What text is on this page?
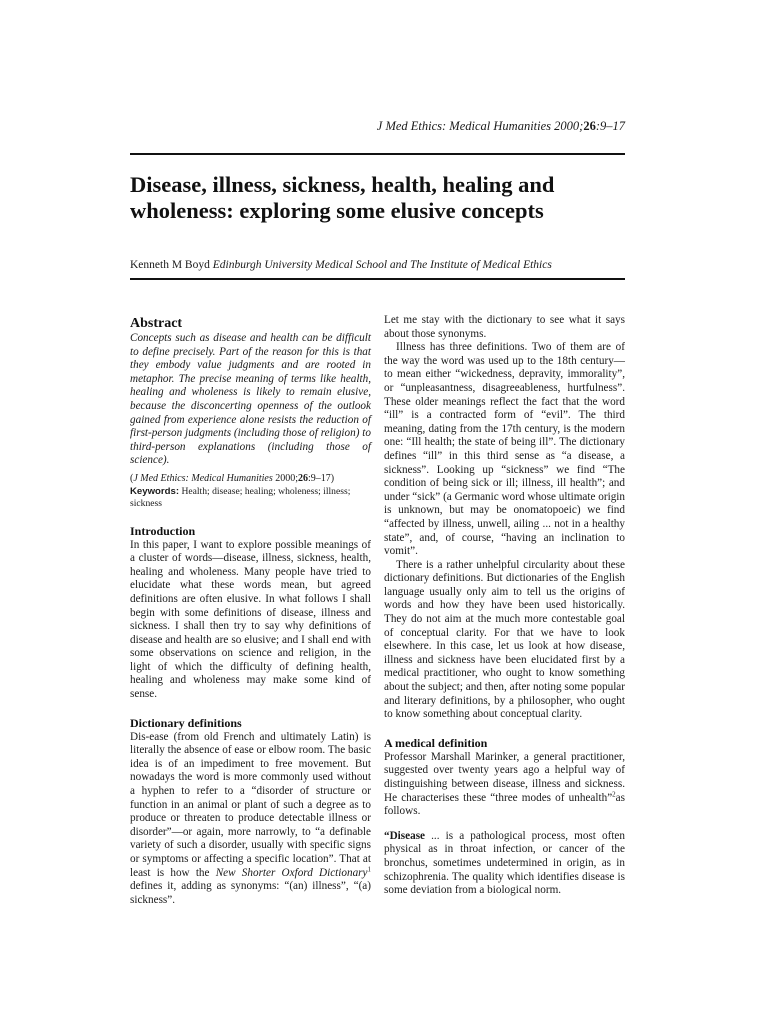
J Med Ethics: Medical Humanities 2000;26:9–17
Disease, illness, sickness, health, healing and wholeness: exploring some elusive concepts
Kenneth M Boyd Edinburgh University Medical School and The Institute of Medical Ethics
Abstract

Concepts such as disease and health can be difficult to define precisely. Part of the reason for this is that they embody value judgments and are rooted in metaphor. The precise meaning of terms like health, healing and wholeness is likely to remain elusive, because the disconcerting openness of the outlook gained from experience alone resists the reduction of first-person judgments (including those of religion) to third-person explanations (including those of science).

(J Med Ethics: Medical Humanities 2000;26:9–17)

Keywords: Health; disease; healing; wholeness; illness; sickness

Introduction

In this paper, I want to explore possible meanings of a cluster of words—disease, illness, sickness, health, healing and wholeness. Many people have tried to elucidate what these words mean, but agreed definitions are often elusive. In what follows I shall begin with some definitions of disease, illness and sickness. I shall then try to say why definitions of disease and health are so elusive; and I shall end with some observations on science and religion, in the light of which the difficulty of defining health, healing and wholeness may make some kind of sense.

Dictionary definitions

Dis-ease (from old French and ultimately Latin) is literally the absence of ease or elbow room. The basic idea is of an impediment to free movement. But nowadays the word is more commonly used without a hyphen to refer to a “disorder of structure or function in an animal or plant of such a degree as to produce or threaten to produce detectable illness or disorder”—or again, more narrowly, to “a definable variety of such a disorder, usually with specific signs or symptoms or affecting a specific location”. That at least is how the New Shorter Oxford Dictionary$^1$ defines it, adding as synonyms: “(an) illness”, “(a) sickness”.

Let me stay with the dictionary to see what it says about those synonyms.

Illness has three definitions. Two of them are of the way the word was used up to the 18th century—to mean either “wickedness, depravity, immorality”, or “unpleasantness, disagreeableness, hurtfulness”. These older meanings reflect the fact that the word “ill” is a contracted form of “evil”. The third meaning, dating from the 17th century, is the modern one: “Ill health; the state of being ill”. The dictionary defines “ill” in this third sense as “a disease, a sickness”. Looking up “sickness” we find “The condition of being sick or ill; illness, ill health”; and under “sick” (a Germanic word whose ultimate origin is unknown, but may be onomatopoeic) we find “affected by illness, unwell, ailing ... not in a healthy state”, and, of course, “having an inclination to vomit”.

There is a rather unhelpful circularity about these dictionary definitions. But dictionaries of the English language usually only aim to tell us the origins of words and how they have been used historically. They do not aim at the much more contestable goal of conceptual clarity. For that we have to look elsewhere. In this case, let us look at how disease, illness and sickness have been elucidated first by a medical practitioner, who ought to know something about the subject; and then, after noting some popular and literary definitions, by a philosopher, who ought to know something about conceptual clarity.

A medical definition

Professor Marshall Marinker, a general practitioner, suggested over twenty years ago a helpful way of distinguishing between disease, illness and sickness. He characterises these “three modes of unhealth”$^2$as follows.

“Disease ... is a pathological process, most often physical as in throat infection, or cancer of the bronchus, sometimes undetermined in origin, as in schizophrenia. The quality which identifies disease is some deviation from a biological norm.
